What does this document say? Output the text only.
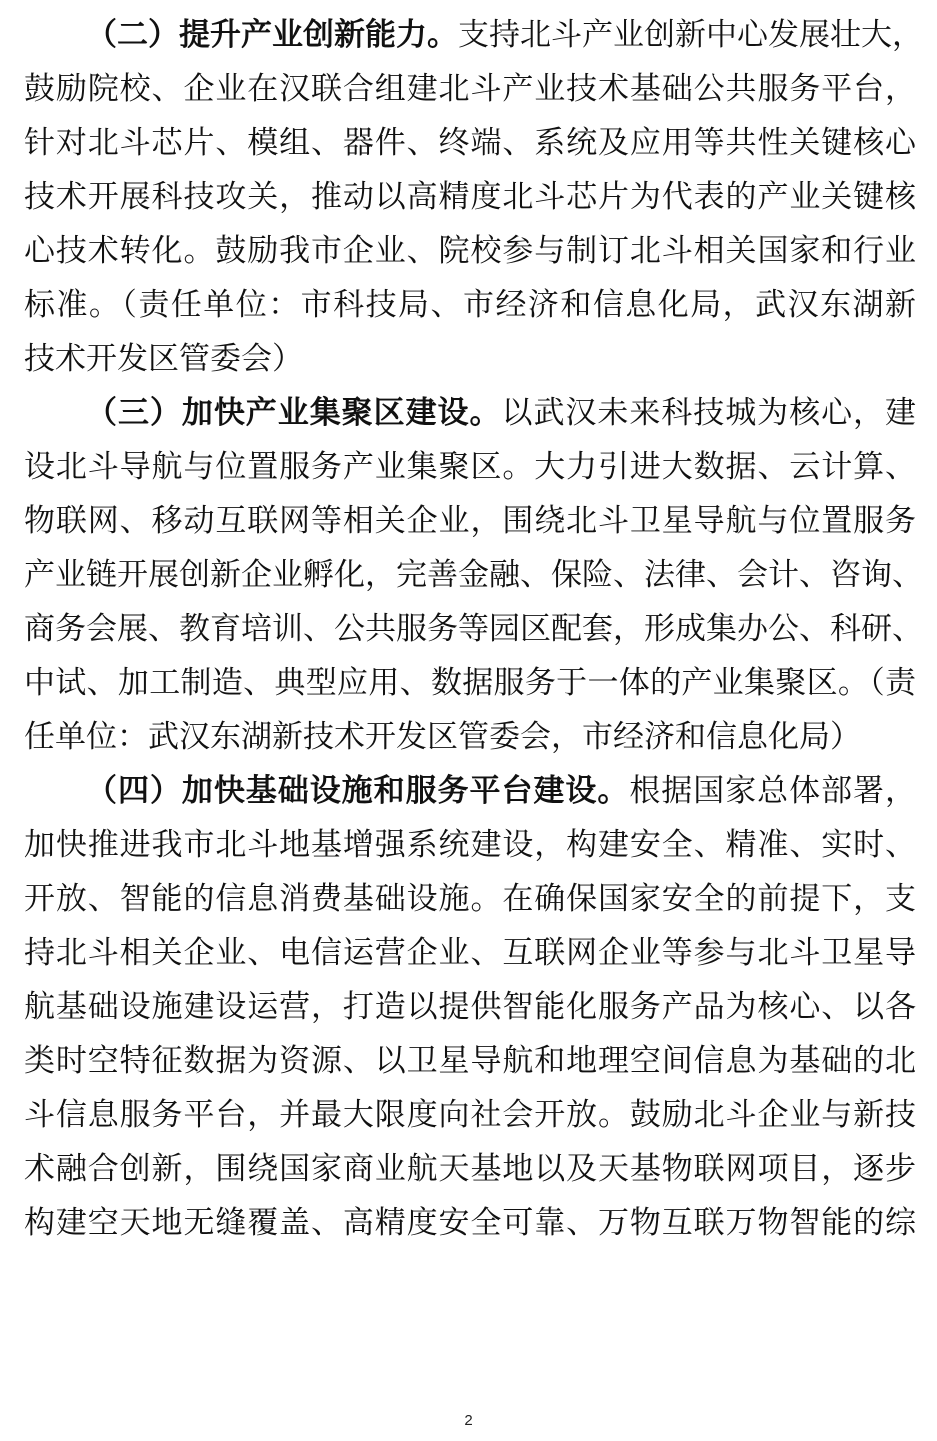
（二）提升产业创新能力。支持北斗产业创新中心发展壮大，
鼓励院校、企业在汉联合组建北斗产业技术基础公共服务平台，
针对北斗芯片、模组、器件、终端、系统及应用等共性关键核心
技术开展科技攻关，推动以高精度北斗芯片为代表的产业关键核
心技术转化。鼓励我市企业、院校参与制订北斗相关国家和行业
标准。（责任单位：市科技局、市经济和信息化局，武汉东湖新
技术开发区管委会）
（三）加快产业集聚区建设。以武汉未来科技城为核心，建
设北斗导航与位置服务产业集聚区。大力引进大数据、云计算、
物联网、移动互联网等相关企业，围绕北斗卫星导航与位置服务
产业链开展创新企业孵化，完善金融、保险、法律、会计、咨询、
商务会展、教育培训、公共服务等园区配套，形成集办公、科研、
中试、加工制造、典型应用、数据服务于一体的产业集聚区。（责
任单位：武汉东湖新技术开发区管委会，市经济和信息化局）
（四）加快基础设施和服务平台建设。根据国家总体部署，
加快推进我市北斗地基增强系统建设，构建安全、精准、实时、
开放、智能的信息消费基础设施。在确保国家安全的前提下，支
持北斗相关企业、电信运营企业、互联网企业等参与北斗卫星导
航基础设施建设运营，打造以提供智能化服务产品为核心、以各
类时空特征数据为资源、以卫星导航和地理空间信息为基础的北
斗信息服务平台，并最大限度向社会开放。鼓励北斗企业与新技
术融合创新，围绕国家商业航天基地以及天基物联网项目，逐步
构建空天地无缝覆盖、高精度安全可靠、万物互联万物智能的综
2
